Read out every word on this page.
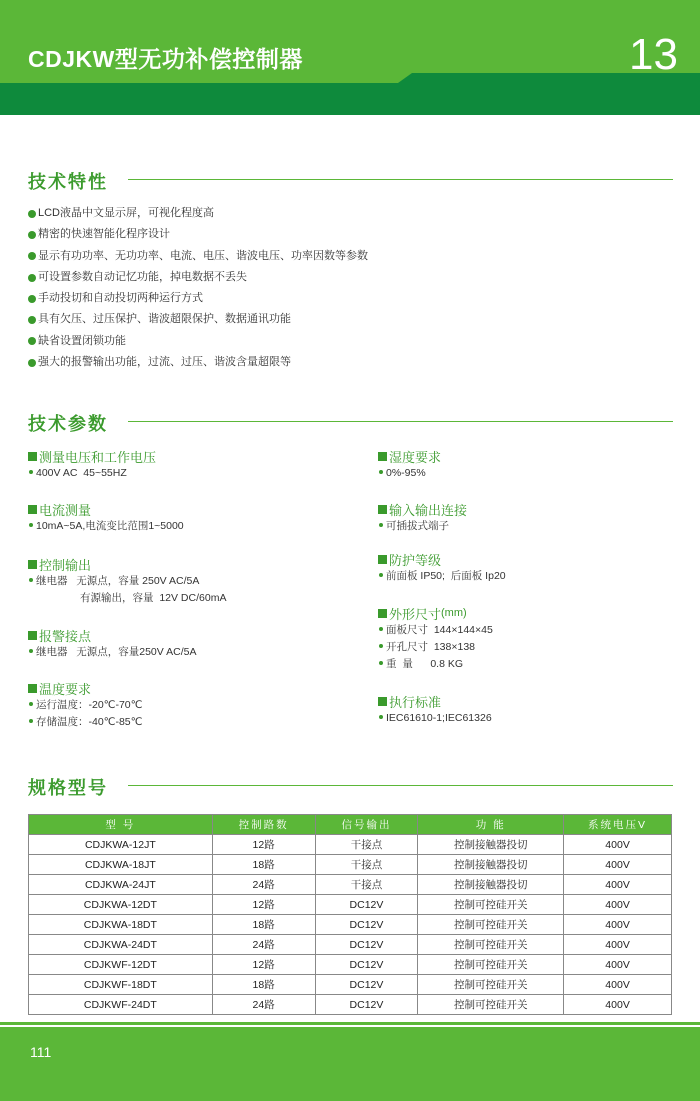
CDJKW型无功补偿控制器	13
技术特性
LCD液晶中文显示屏，可视化程度高
精密的快速智能化程序设计
显示有功功率、无功功率、电流、电压、谐波电压、功率因数等参数
可设置参数自动记忆功能，掉电数据不丢失
手动投切和自动投切两种运行方式
具有欠压、过压保护、谐波超限保护、数据通讯功能
缺省设置闭锁功能
强大的报警输出功能，过流、过压、谐波含量超限等
技术参数
测量电压和工作电压
400V AC  45~55HZ
电流测量
10mA~5A,电流变比范围1~5000
控制输出
继电器   无源点，容量 250V AC/5A
有源输出，容量  12V DC/60mA
报警接点
继电器   无源点，容量250V AC/5A
温度要求
运行温度：-20℃-70℃
存储温度：-40℃-85℃
湿度要求
0%-95%
输入输出连接
可插拔式端子
防护等级
前面板 IP50;  后面板 Ip20
外形尺寸 (mm)
面板尺寸  144×144×45
开孔尺寸  138×138
重  量      0.8 KG
执行标准
IEC61610-1;IEC61326
规格型号
型 号	控制路数	信号输出	功 能	系统电压V
CDJKWA-12JT	12路	干接点	控制接触器投切	400V
CDJKWA-18JT	18路	干接点	控制接触器投切	400V
CDJKWA-24JT	24路	干接点	控制接触器投切	400V
CDJKWA-12DT	12路	DC12V	控制可控硅开关	400V
CDJKWA-18DT	18路	DC12V	控制可控硅开关	400V
CDJKWA-24DT	24路	DC12V	控制可控硅开关	400V
CDJKWF-12DT	12路	DC12V	控制可控硅开关	400V
CDJKWF-18DT	18路	DC12V	控制可控硅开关	400V
CDJKWF-24DT	24路	DC12V	控制可控硅开关	400V
111
